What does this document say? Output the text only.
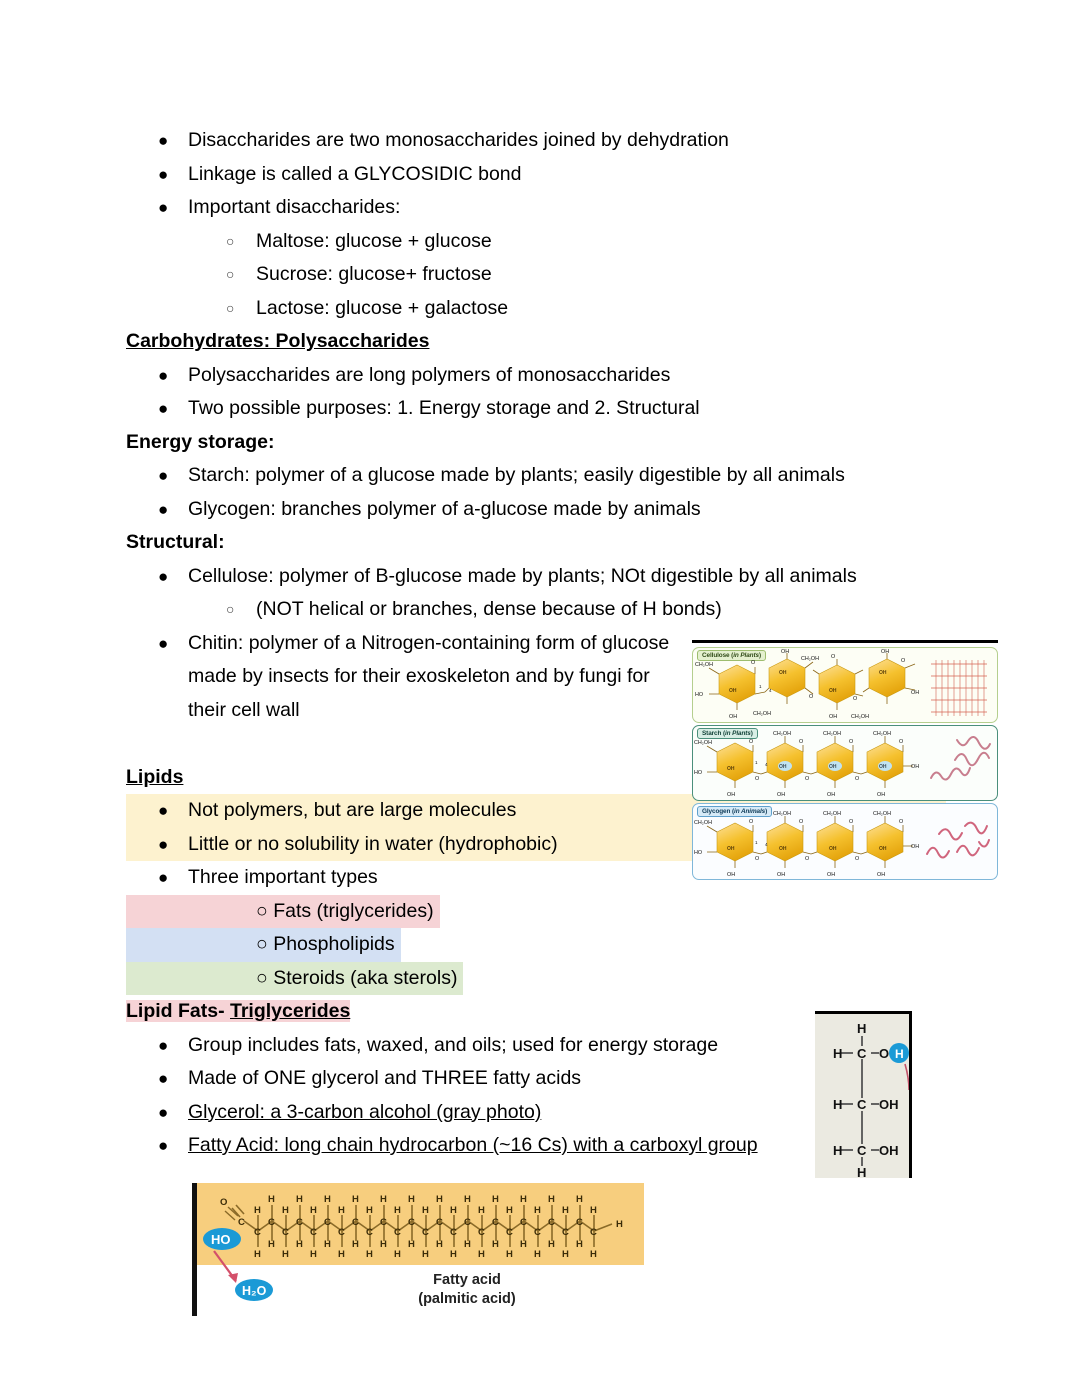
● Disaccharides are two monosaccharides joined by dehydration
● Linkage is called a GLYCOSIDIC bond
● Important disaccharides:
○ Maltose: glucose + glucose
○ Sucrose: glucose+ fructose
○ Lactose: glucose + galactose
Carbohydrates: Polysaccharides
● Polysaccharides are long polymers of monosaccharides
● Two possible purposes: 1. Energy storage and 2. Structural
Energy storage:
● Starch: polymer of a glucose made by plants; easily digestible by all animals
● Glycogen: branches polymer of a-glucose made by animals
Structural:
● Cellulose: polymer of B-glucose made by plants; NOt digestible by all animals
○ (NOT helical or branches, dense because of H bonds)
● Chitin: polymer of a Nitrogen-containing form of glucose
made by insects for their exoskeleton and by fungi for
their cell wall
Lipids
● Not polymers, but are large molecules
● Little or no solubility in water (hydrophobic)
● Three important types
○ Fats (triglycerides)
○ Phospholipids
○ Steroids (aka sterols)
Lipid Fats- Triglycerides
● Group includes fats, waxed, and oils; used for energy storage
● Made of ONE glycerol and THREE fatty acids
● Glycerol: a 3-carbon alcohol (gray photo)
● Fatty Acid: long chain hydrocarbon (~16 Cs) with a carboxyl group
Cellulose (in Plants)
CH₂OH
HO
OH
O
CH₂OH
OH
CH₂OH
O
O
OH
O
CH₂OH
OH
O
OH
1
4
OH
OH
OH
OH
Starch (in Plants)
CH₂OH
HO
OH
O
O
CH₂OH
O
O
OH
CH₂OH
O
O
OH
CH₂OH
O
OH
OH
1 4 OH	OH	OH
OH
Glycogen (in Animals)
CH₂OH
HO
OH
O
O
CH₂OH
O
O
OH
CH₂OH
O
O
OH
CH₂OH
O
OH
OH
1 4
OH	OH	OH	OH
H
H C O
H C OH
H C OH
H
H
O
C
C
C
C
C
C
C
C
C
C
C
C
C
C
C
C
C
C
C
C
C
C
C
C
C
C
H
H
H
H
H
H
H
H
H
H
H
H
H
H
H
H
H
H
H
H
H
H
H
H
H
H
H
H
H
H
H
H
H
H
H
H
H
H
H
H
H
H
H
H
H
H
H
H
H
H
H
HO
H₂O
Fatty acid
(palmitic acid)
